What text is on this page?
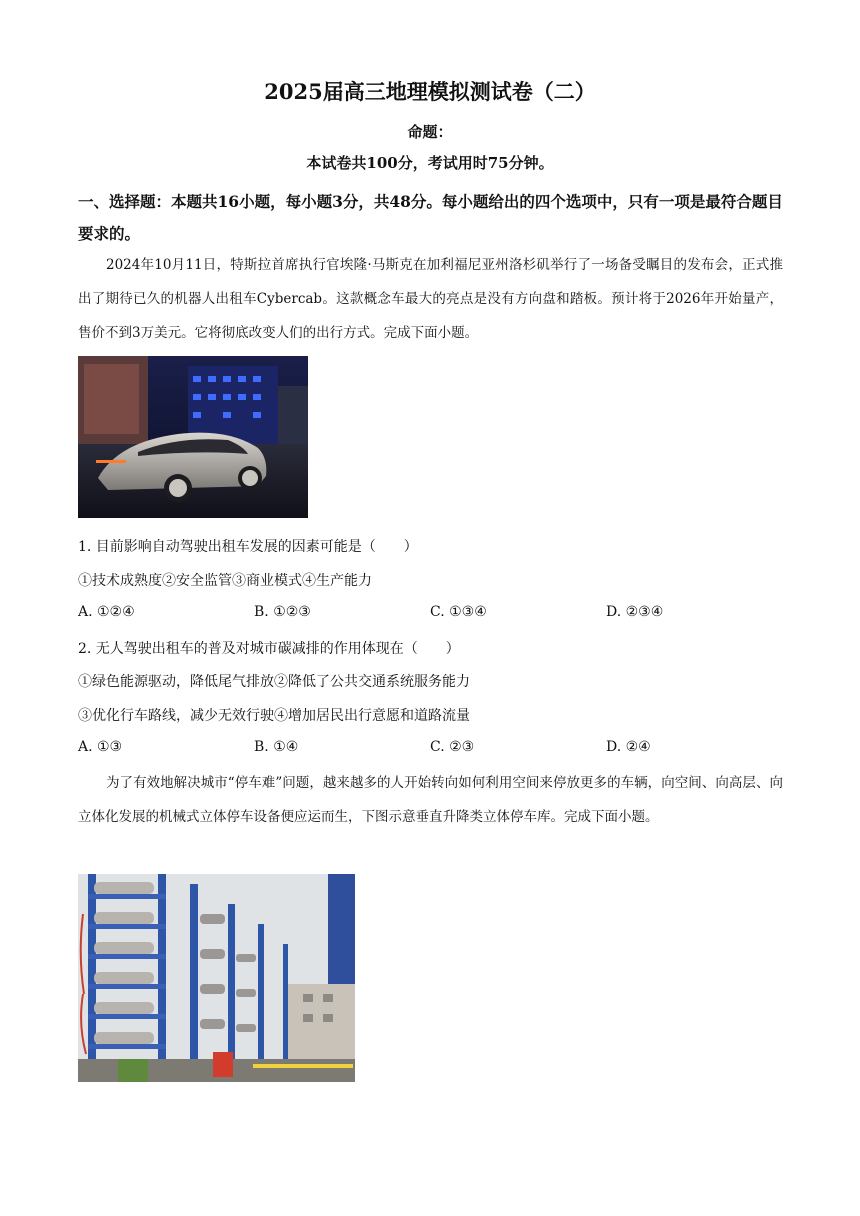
2025届高三地理模拟测试卷（二）
命题：
本试卷共100分，考试用时75分钟。
一、选择题：本题共16小题，每小题3分，共48分。每小题给出的四个选项中，只有一项是最符合题目要求的。
2024年10月11日，特斯拉首席执行官埃隆·马斯克在加利福尼亚州洛杉矶举行了一场备受瞩目的发布会，正式推出了期待已久的机器人出租车Cybercab。这款概念车最大的亮点是没有方向盘和踏板。预计将于2026年开始量产，售价不到3万美元。它将彻底改变人们的出行方式。完成下面小题。
1. 目前影响自动驾驶出租车发展的因素可能是（　　）
①技术成熟度②安全监管③商业模式④生产能力
A. ①②④	B. ①②③	C. ①③④	D. ②③④
2. 无人驾驶出租车的普及对城市碳减排的作用体现在（　　）
①绿色能源驱动，降低尾气排放②降低了公共交通系统服务能力
③优化行车路线，减少无效行驶④增加居民出行意愿和道路流量
A. ①③	B. ①④	C. ②③	D. ②④
为了有效地解决城市“停车难”问题，越来越多的人开始转向如何利用空间来停放更多的车辆，向空间、向高层、向立体化发展的机械式立体停车设备便应运而生，下图示意垂直升降类立体停车库。完成下面小题。
